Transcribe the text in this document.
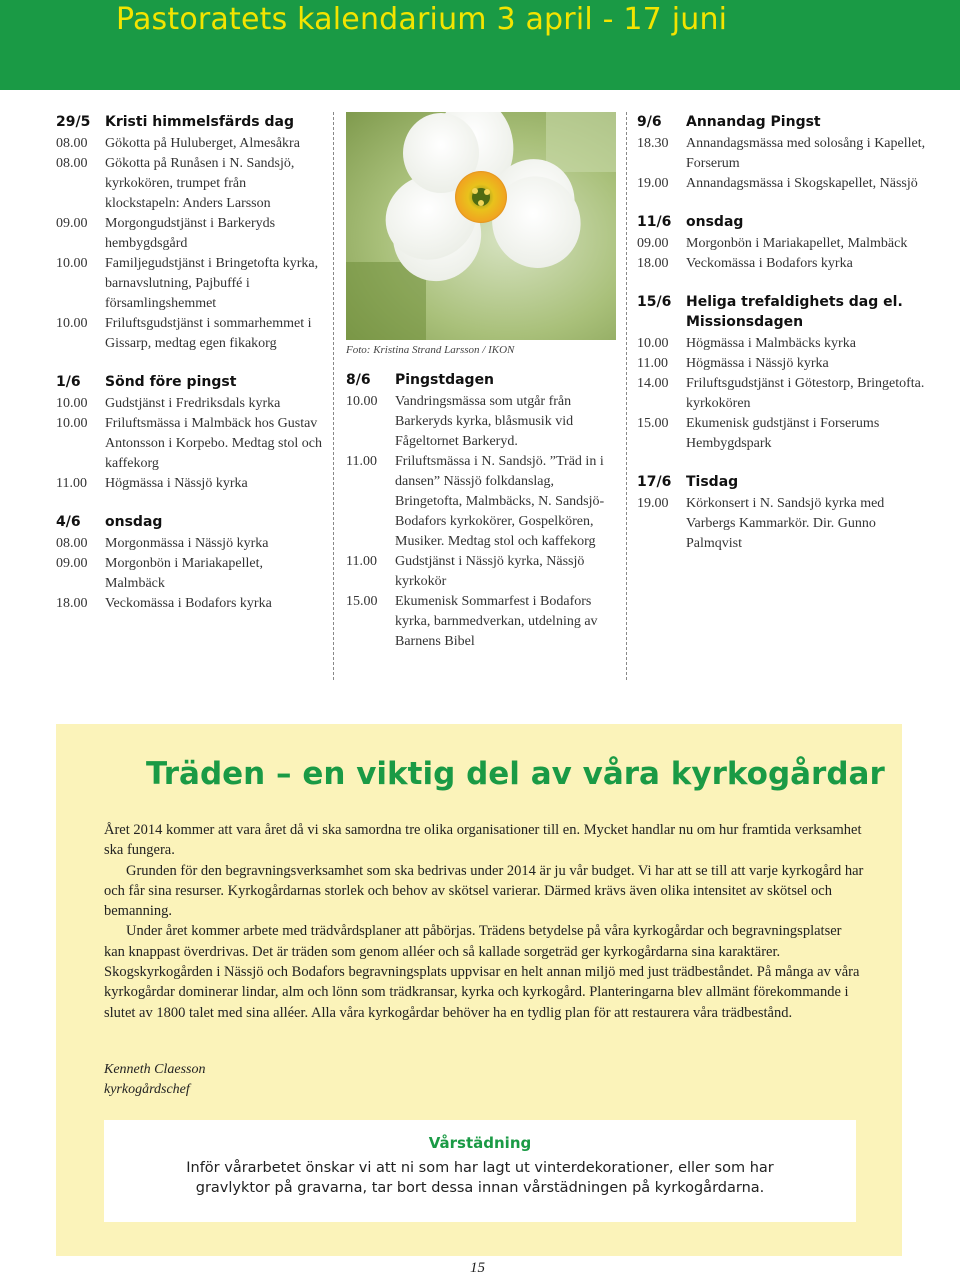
Pastoratets kalendarium 3 april - 17 juni
29/5	Kristi himmelsfärds dag
08.00	Gökotta på Huluberget, Almesåkra
08.00	Gökotta på Runåsen i N. Sandsjö, kyrkokören, trumpet från klockstapeln: Anders Larsson
09.00	Morgongudstjänst i Barkeryds hembygdsgård
10.00	Familjegudstjänst i Bringetofta kyrka, barnavslutning, Pajbuffé i församlingshemmet
10.00	Friluftsgudstjänst i sommarhemmet i Gissarp, medtag egen fikakorg
1/6	Sönd före pingst
10.00	Gudstjänst i Fredriksdals kyrka
10.00	Friluftsmässa i Malmbäck hos Gustav Antonsson i Korpebo. Medtag stol och kaffekorg
11.00	Högmässa i Nässjö kyrka
4/6	onsdag
08.00	Morgonmässa i Nässjö kyrka
09.00	Morgonbön i Mariakapellet, Malmbäck
18.00	Veckomässa i Bodafors kyrka
Foto: Kristina Strand Larsson / IKON
8/6	Pingstdagen
10.00	Vandringsmässa som utgår från Barkeryds kyrka, blåsmusik vid Fågeltornet Barkeryd.
11.00	Friluftsmässa i N. Sandsjö. ”Träd in i dansen” Nässjö folkdanslag, Bringetofta, Malmbäcks, N. Sandsjö-Bodafors kyrkokörer, Gospelkören, Musiker. Medtag stol och kaffekorg
11.00	Gudstjänst i Nässjö kyrka, Nässjö kyrkokör
15.00	Ekumenisk Sommarfest i Bodafors kyrka, barnmedverkan, utdelning av Barnens Bibel
9/6	Annandag Pingst
18.30	Annandagsmässa med solosång i Kapellet, Forserum
19.00	Annandagsmässa i Skogskapellet, Nässjö
11/6	onsdag
09.00	Morgonbön i Mariakapellet, Malmbäck
18.00	Veckomässa i Bodafors kyrka
15/6	Heliga trefaldighets dag el. Missionsdagen
10.00	Högmässa i Malmbäcks kyrka
11.00	Högmässa i Nässjö kyrka
14.00	Friluftsgudstjänst i Götestorp, Bringetofta. kyrkokören
15.00	Ekumenisk gudstjänst i Forserums Hembygdspark
17/6	Tisdag
19.00	Körkonsert i N. Sandsjö kyrka med Varbergs Kammarkör. Dir. Gunno Palmqvist
Träden – en viktig del av våra kyrkogårdar

Året 2014 kommer att vara året då vi ska samordna tre olika organisationer till en. Mycket handlar nu om hur framtida verksamhet ska fungera.

Grunden för den begravningsverksamhet som ska bedrivas under 2014 är ju vår budget. Vi har att se till att varje kyrkogård har och får sina resurser. Kyrkogårdarnas storlek och behov av skötsel varierar. Därmed krävs även olika intensitet av skötsel och bemanning.

Under året kommer arbete med trädvårdsplaner att påbörjas. Trädens betydelse på våra kyrkogårdar och begravningsplatser kan knappast överdrivas. Det är träden som genom alléer och så kallade sorgeträd ger kyrkogårdarna sina karaktärer. Skogskyrkogården i Nässjö och Bodafors begravningsplats uppvisar en helt annan miljö med just trädbeståndet. På många av våra kyrkogårdar dominerar lindar, alm och lönn som trädkransar, kyrka och kyrkogård. Planteringarna blev allmänt förekommande i slutet av 1800 talet med sina alléer. Alla våra kyrkogårdar behöver ha en tydlig plan för att restaurera våra trädbestånd.

Kenneth Claesson
kyrkogårdschef
Vårstädning
Inför vårarbetet önskar vi att ni som har lagt ut vinterdekorationer, eller som har gravlyktor på gravarna, tar bort dessa innan vårstädningen på kyrkogårdarna.
15
